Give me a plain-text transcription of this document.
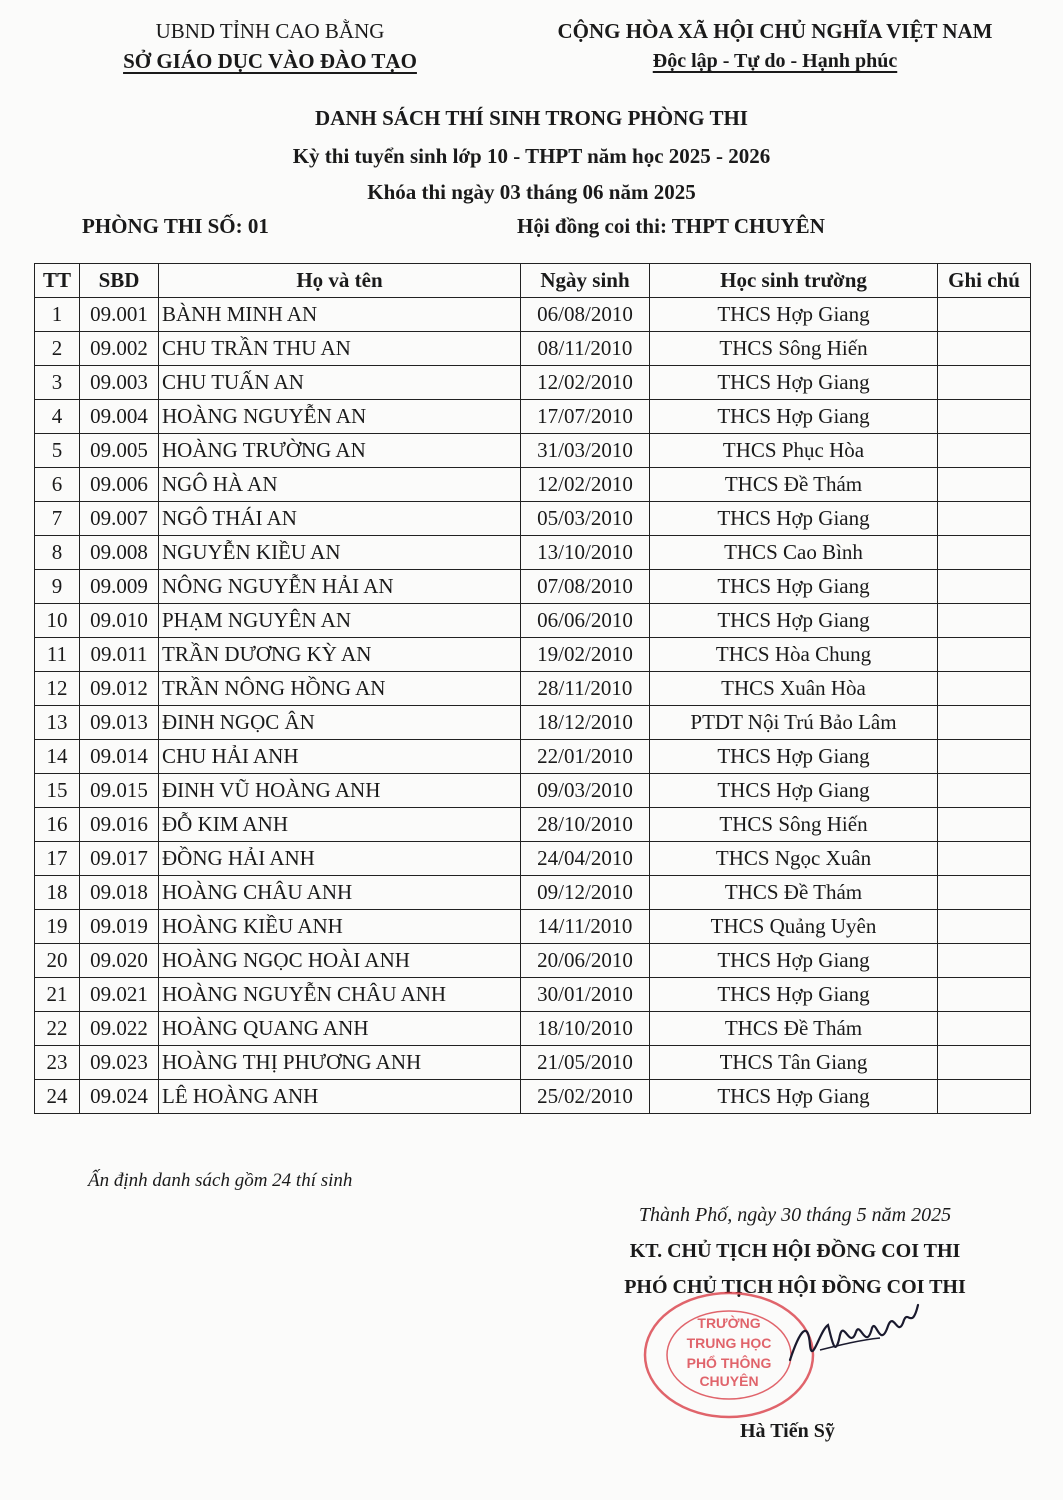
UBND TỈNH CAO BẰNG
SỞ GIÁO DỤC VÀO ĐÀO TẠO
CỘNG HÒA XÃ HỘI CHỦ NGHĨA VIỆT NAM
Độc lập - Tự do - Hạnh phúc
DANH SÁCH THÍ SINH TRONG PHÒNG THI
Kỳ thi tuyển sinh lớp 10 - THPT năm học 2025 - 2026
Khóa thi ngày 03 tháng 06 năm 2025
PHÒNG THI SỐ: 01	Hội đồng coi thi: THPT CHUYÊN
TT	SBD	Họ và tên	Ngày sinh	Học sinh trường	Ghi chú
1	09.001	BÀNH MINH AN	06/08/2010	THCS Hợp Giang	
2	09.002	CHU TRẦN THU AN	08/11/2010	THCS Sông Hiến	
3	09.003	CHU TUẤN AN	12/02/2010	THCS Hợp Giang	
4	09.004	HOÀNG NGUYỄN AN	17/07/2010	THCS Hợp Giang	
5	09.005	HOÀNG TRƯỜNG AN	31/03/2010	THCS Phục Hòa	
6	09.006	NGÔ HÀ AN	12/02/2010	THCS Đề Thám	
7	09.007	NGÔ THÁI AN	05/03/2010	THCS Hợp Giang	
8	09.008	NGUYỄN KIỀU AN	13/10/2010	THCS Cao Bình	
9	09.009	NÔNG NGUYỄN HẢI AN	07/08/2010	THCS Hợp Giang	
10	09.010	PHẠM NGUYÊN AN	06/06/2010	THCS Hợp Giang	
11	09.011	TRẦN DƯƠNG KỲ AN	19/02/2010	THCS Hòa Chung	
12	09.012	TRẦN NÔNG HỒNG AN	28/11/2010	THCS Xuân Hòa	
13	09.013	ĐINH NGỌC ÂN	18/12/2010	PTDT Nội Trú Bảo Lâm	
14	09.014	CHU HẢI ANH	22/01/2010	THCS Hợp Giang	
15	09.015	ĐINH VŨ HOÀNG ANH	09/03/2010	THCS Hợp Giang	
16	09.016	ĐỖ KIM ANH	28/10/2010	THCS Sông Hiến	
17	09.017	ĐỒNG HẢI ANH	24/04/2010	THCS Ngọc Xuân	
18	09.018	HOÀNG CHÂU ANH	09/12/2010	THCS Đề Thám	
19	09.019	HOÀNG KIỀU ANH	14/11/2010	THCS Quảng Uyên	
20	09.020	HOÀNG NGỌC HOÀI ANH	20/06/2010	THCS Hợp Giang	
21	09.021	HOÀNG NGUYỄN CHÂU ANH	30/01/2010	THCS Hợp Giang	
22	09.022	HOÀNG QUANG ANH	18/10/2010	THCS Đề Thám	
23	09.023	HOÀNG THỊ PHƯƠNG ANH	21/05/2010	THCS Tân Giang	
24	09.024	LÊ HOÀNG ANH	25/02/2010	THCS Hợp Giang	
Ấn định danh sách gồm 24 thí sinh
Thành Phố, ngày 30 tháng 5 năm 2025
KT. CHỦ TỊCH HỘI ĐỒNG COI THI
PHÓ CHỦ TỊCH HỘI ĐỒNG COI THI
TRƯỜNG
TRUNG HỌC
PHỔ THÔNG
CHUYÊN
Hà Tiến Sỹ
